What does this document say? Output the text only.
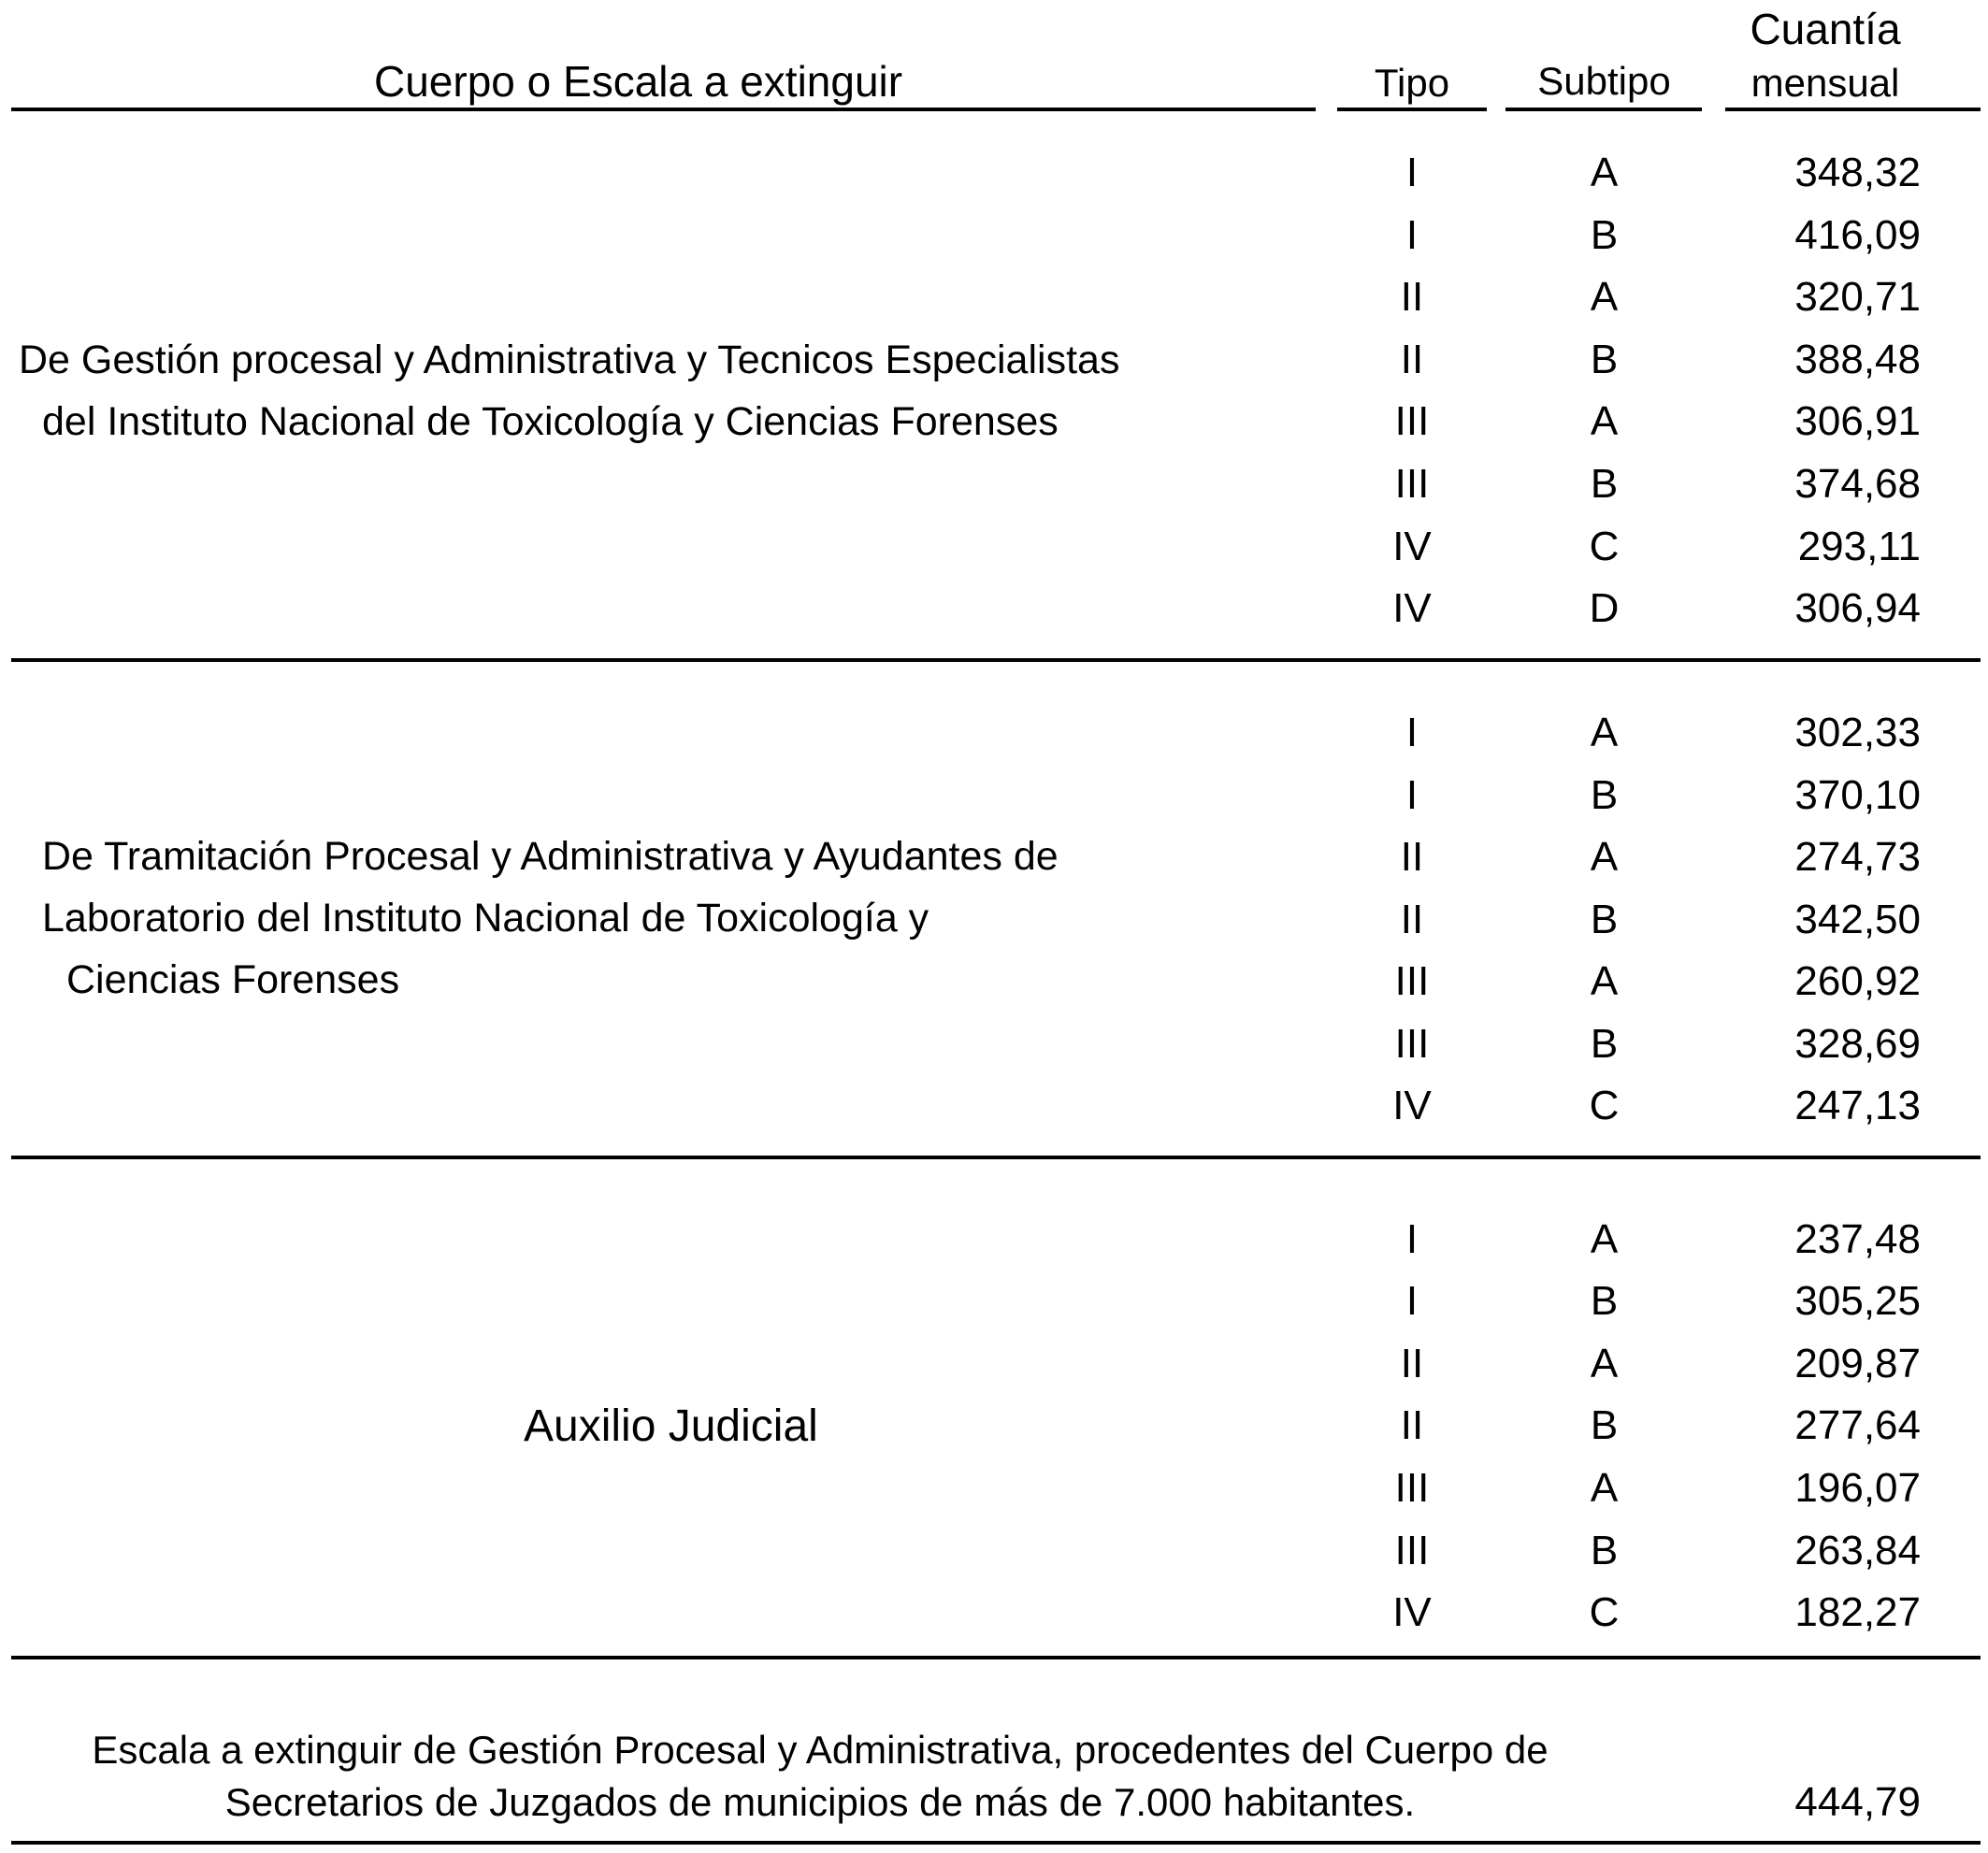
Cuerpo o Escala a extinguir	Tipo	Subtipo
Cuantía
mensual
De Gestión procesal y Administrativa y Tecnicos Especialistas
del Instituto Nacional de Toxicología y Ciencias Forenses
I	A	348,32
I	B	416,09
II	A	320,71
II	B	388,48
III	A	306,91
III	B	374,68
IV	C	293,11
IV	D	306,94
De Tramitación Procesal y Administrativa y Ayudantes de
Laboratorio del Instituto Nacional de Toxicología y
Ciencias Forenses
I	A	302,33
I	B	370,10
II	A	274,73
II	B	342,50
III	A	260,92
III	B	328,69
IV	C	247,13
Auxilio Judicial
I	A	237,48
I	B	305,25
II	A	209,87
II	B	277,64
III	A	196,07
III	B	263,84
IV	C	182,27
Escala a extinguir de Gestión Procesal y Administrativa, procedentes del Cuerpo de
Secretarios de Juzgados de municipios de más de 7.000 habitantes.	444,79
